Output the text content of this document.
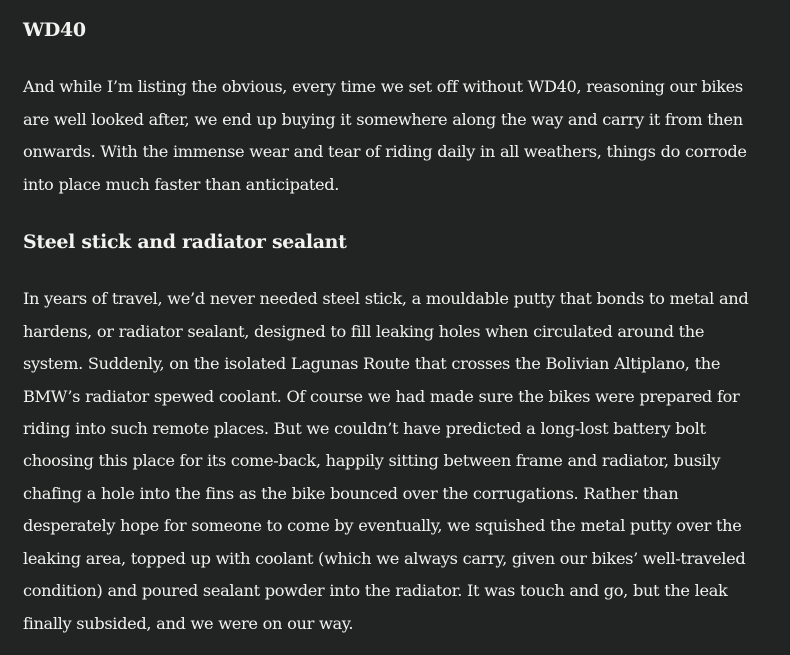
WD40

And while I’m listing the obvious, every time we set off without WD40, reasoning our bikes are well looked after, we end up buying it somewhere along the way and carry it from then onwards. With the immense wear and tear of riding daily in all weathers, things do corrode into place much faster than anticipated.

Steel stick and radiator sealant

In years of travel, we’d never needed steel stick, a mouldable putty that bonds to metal and hardens, or radiator sealant, designed to fill leaking holes when circulated around the system. Suddenly, on the isolated Lagunas Route that crosses the Bolivian Altiplano, the BMW’s radiator spewed coolant. Of course we had made sure the bikes were prepared for riding into such remote places. But we couldn’t have predicted a long-lost battery bolt choosing this place for its come-back, happily sitting between frame and radiator, busily chafing a hole into the fins as the bike bounced over the corrugations. Rather than desperately hope for someone to come by eventually, we squished the metal putty over the leaking area, topped up with coolant (which we always carry, given our bikes’ well-traveled condition) and poured sealant powder into the radiator. It was touch and go, but the leak finally subsided, and we were on our way.
